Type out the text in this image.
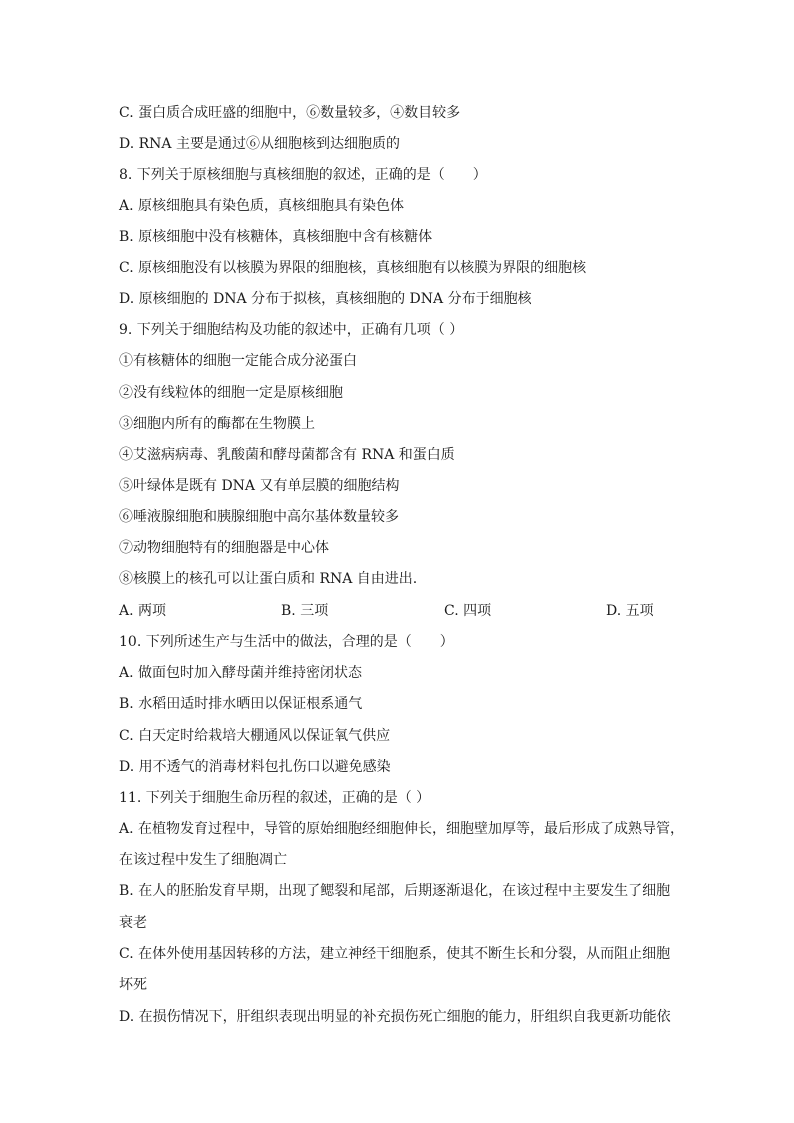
C. 蛋白质合成旺盛的细胞中，⑥数量较多，④数目较多
D. RNA 主要是通过⑥从细胞核到达细胞质的
8. 下列关于原核细胞与真核细胞的叙述，正确的是（　　）
A. 原核细胞具有染色质，真核细胞具有染色体
B. 原核细胞中没有核糖体，真核细胞中含有核糖体
C. 原核细胞没有以核膜为界限的细胞核，真核细胞有以核膜为界限的细胞核
D. 原核细胞的 DNA 分布于拟核，真核细胞的 DNA 分布于细胞核
9. 下列关于细胞结构及功能的叙述中，正确有几项（ ）
①有核糖体的细胞一定能合成分泌蛋白
②没有线粒体的细胞一定是原核细胞
③细胞内所有的酶都在生物膜上
④艾滋病病毒、乳酸菌和酵母菌都含有 RNA 和蛋白质
⑤叶绿体是既有 DNA 又有单层膜的细胞结构
⑥唾液腺细胞和胰腺细胞中高尔基体数量较多
⑦动物细胞特有的细胞器是中心体
⑧核膜上的核孔可以让蛋白质和 RNA 自由进出.
A. 两项	B. 三项	C. 四项	D. 五项
10. 下列所述生产与生活中的做法，合理的是（　　）
A. 做面包时加入酵母菌并维持密闭状态
B. 水稻田适时排水晒田以保证根系通气
C. 白天定时给栽培大棚通风以保证氧气供应
D. 用不透气的消毒材料包扎伤口以避免感染
11. 下列关于细胞生命历程的叙述，正确的是（ ）
A. 在植物发育过程中，导管的原始细胞经细胞伸长，细胞壁加厚等，最后形成了成熟导管，
在该过程中发生了细胞凋亡
B. 在人的胚胎发育早期，出现了鳃裂和尾部，后期逐渐退化，在该过程中主要发生了细胞
衰老
C. 在体外使用基因转移的方法，建立神经干细胞系，使其不断生长和分裂，从而阻止细胞
坏死
D. 在损伤情况下，肝组织表现出明显的补充损伤死亡细胞的能力，肝组织自我更新功能依
